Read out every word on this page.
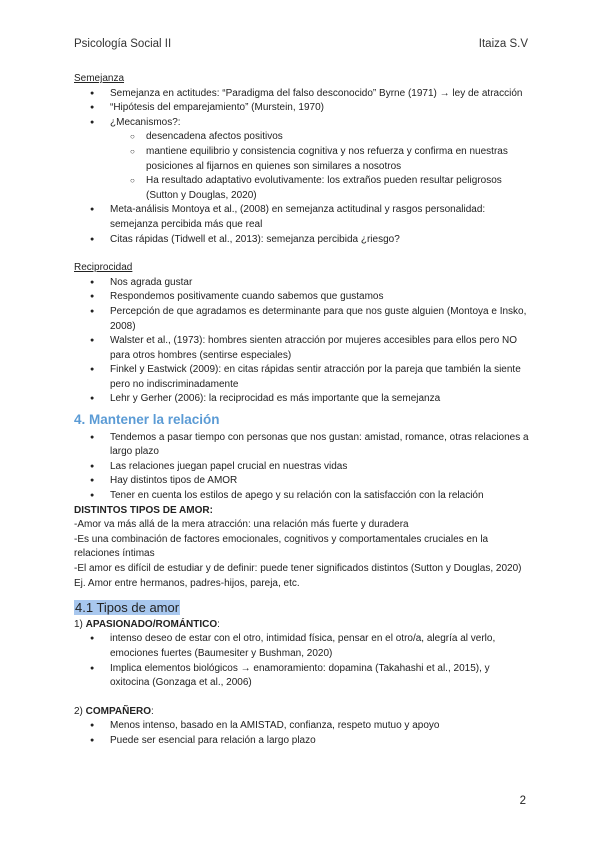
Psicología Social II	Itaiza S.V

Semejanza

● Semejanza en actitudes: “Paradigma del falso desconocido” Byrne (1971) → ley de atracción
● “Hipótesis del emparejamiento” (Murstein, 1970)
● ¿Mecanismos?:
○ desencadena afectos positivos
○ mantiene equilibrio y consistencia cognitiva y nos refuerza y confirma en nuestras posiciones al fijarnos en quienes son similares a nosotros
○ Ha resultado adaptativo evolutivamente: los extraños pueden resultar peligrosos (Sutton y Douglas, 2020)
● Meta-análisis Montoya et al., (2008) en semejanza actitudinal y rasgos personalidad: semejanza percibida más que real
● Citas rápidas (Tidwell et al., 2013): semejanza percibida ¿riesgo?

Reciprocidad

● Nos agrada gustar
● Respondemos positivamente cuando sabemos que gustamos
● Percepción de que agradamos es determinante para que nos guste alguien (Montoya e Insko, 2008)
● Walster et al., (1973): hombres sienten atracción por mujeres accesibles para ellos pero NO para otros hombres (sentirse especiales)
● Finkel y Eastwick (2009): en citas rápidas sentir atracción por la pareja que también la siente pero no indiscriminadamente
● Lehr y Gerher (2006): la reciprocidad es más importante que la semejanza
4. Mantener la relación
● Tendemos a pasar tiempo con personas que nos gustan: amistad, romance, otras relaciones a largo plazo
● Las relaciones juegan papel crucial en nuestras vidas
● Hay distintos tipos de AMOR
● Tener en cuenta los estilos de apego y su relación con la satisfacción con la relación
DISTINTOS TIPOS DE AMOR:
-Amor va más allá de la mera atracción: una relación más fuerte y duradera
-Es una combinación de factores emocionales, cognitivos y comportamentales cruciales en la relaciones íntimas
-El amor es difícil de estudiar y de definir: puede tener significados distintos (Sutton y Douglas, 2020) Ej. Amor entre hermanos, padres-hijos, pareja, etc.
4.1 Tipos de amor
1) APASIONADO/ROMÁNTICO:
● intenso deseo de estar con el otro, intimidad física, pensar en el otro/a, alegría al verlo, emociones fuertes (Baumesiter y Bushman, 2020)
● Implica elementos biológicos → enamoramiento: dopamina (Takahashi et al., 2015), y oxitocina (Gonzaga et al., 2006)
2) COMPAÑERO:
● Menos intenso, basado en la AMISTAD, confianza, respeto mutuo y apoyo
● Puede ser esencial para relación a largo plazo
2
